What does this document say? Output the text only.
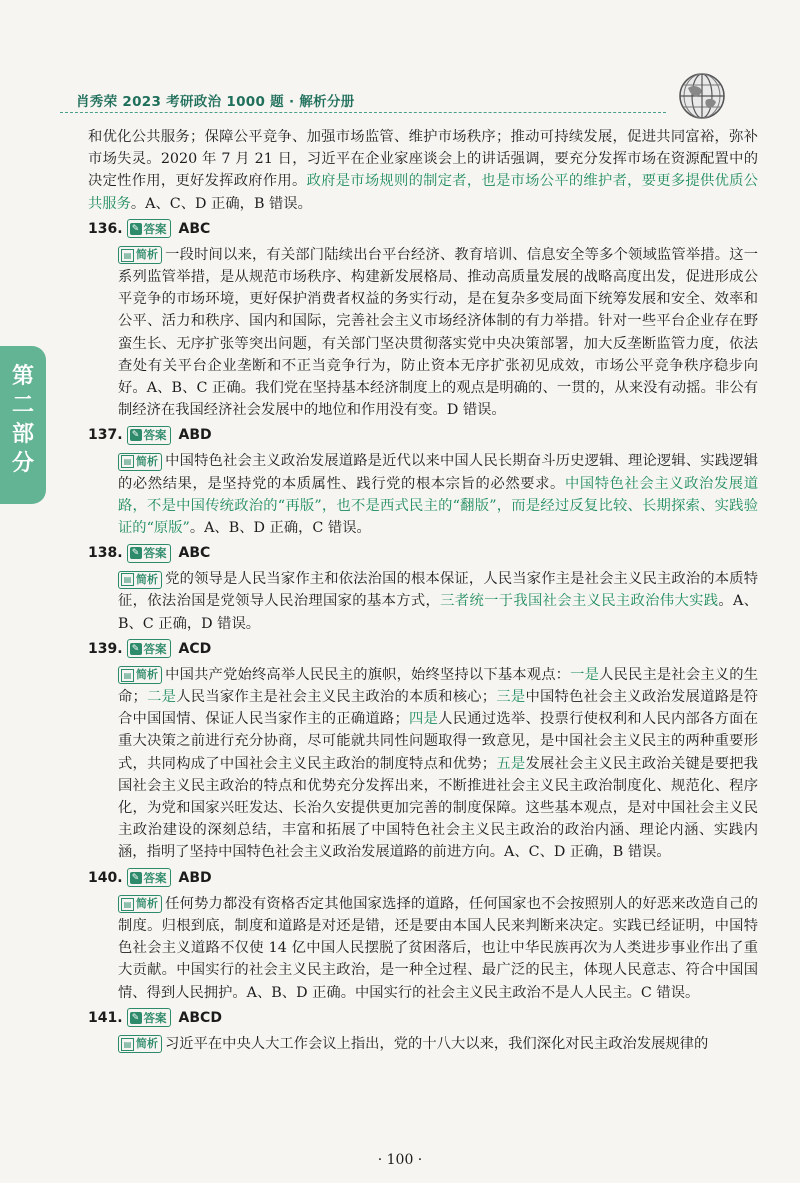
肖秀荣 2023 考研政治 1000 题 · 解析分册
第二部分

和优化公共服务；保障公平竞争、加强市场监管、维护市场秩序；推动可持续发展，促进共同富裕，弥补市场失灵。2020 年 7 月 21 日，习近平在企业家座谈会上的讲话强调，要充分发挥市场在资源配置中的决定性作用，更好发挥政府作用。政府是市场规则的制定者，也是市场公平的维护者，要更多提供优质公共服务。A、C、D 正确，B 错误。

136. ✎ 答案 ABC

▤ 简析 一段时间以来，有关部门陆续出台平台经济、教育培训、信息安全等多个领域监管举措。这一系列监管举措，是从规范市场秩序、构建新发展格局、推动高质量发展的战略高度出发，促进形成公平竞争的市场环境，更好保护消费者权益的务实行动，是在复杂多变局面下统筹发展和安全、效率和公平、活力和秩序、国内和国际，完善社会主义市场经济体制的有力举措。针对一些平台企业存在野蛮生长、无序扩张等突出问题，有关部门坚决贯彻落实党中央决策部署，加大反垄断监管力度，依法查处有关平台企业垄断和不正当竞争行为，防止资本无序扩张初见成效，市场公平竞争秩序稳步向好。A、B、C 正确。我们党在坚持基本经济制度上的观点是明确的、一贯的，从来没有动摇。非公有制经济在我国经济社会发展中的地位和作用没有变。D 错误。

137. ✎ 答案 ABD

▤ 简析 中国特色社会主义政治发展道路是近代以来中国人民长期奋斗历史逻辑、理论逻辑、实践逻辑的必然结果，是坚持党的本质属性、践行党的根本宗旨的必然要求。中国特色社会主义政治发展道路，不是中国传统政治的“再版”，也不是西式民主的“翻版”，而是经过反复比较、长期探索、实践验证的“原版”。A、B、D 正确，C 错误。

138. ✎ 答案 ABC

▤ 简析 党的领导是人民当家作主和依法治国的根本保证，人民当家作主是社会主义民主政治的本质特征，依法治国是党领导人民治理国家的基本方式，三者统一于我国社会主义民主政治伟大实践。A、B、C 正确，D 错误。

139. ✎ 答案 ACD

▤ 简析 中国共产党始终高举人民民主的旗帜，始终坚持以下基本观点：一是人民民主是社会主义的生命；二是人民当家作主是社会主义民主政治的本质和核心；三是中国特色社会主义政治发展道路是符合中国国情、保证人民当家作主的正确道路；四是人民通过选举、投票行使权利和人民内部各方面在重大决策之前进行充分协商，尽可能就共同性问题取得一致意见，是中国社会主义民主的两种重要形式，共同构成了中国社会主义民主政治的制度特点和优势；五是发展社会主义民主政治关键是要把我国社会主义民主政治的特点和优势充分发挥出来，不断推进社会主义民主政治制度化、规范化、程序化，为党和国家兴旺发达、长治久安提供更加完善的制度保障。这些基本观点，是对中国社会主义民主政治建设的深刻总结，丰富和拓展了中国特色社会主义民主政治的政治内涵、理论内涵、实践内涵，指明了坚持中国特色社会主义政治发展道路的前进方向。A、C、D 正确，B 错误。

140. ✎ 答案 ABD

▤ 简析 任何势力都没有资格否定其他国家选择的道路，任何国家也不会按照别人的好恶来改造自己的制度。归根到底，制度和道路是对还是错，还是要由本国人民来判断来决定。实践已经证明，中国特色社会主义道路不仅使 14 亿中国人民摆脱了贫困落后，也让中华民族再次为人类进步事业作出了重大贡献。中国实行的社会主义民主政治，是一种全过程、最广泛的民主，体现人民意志、符合中国国情、得到人民拥护。A、B、D 正确。中国实行的社会主义民主政治不是人人民主。C 错误。

141. ✎ 答案 ABCD

▤ 简析 习近平在中央人大工作会议上指出，党的十八大以来，我们深化对民主政治发展规律的

· 100 ·
